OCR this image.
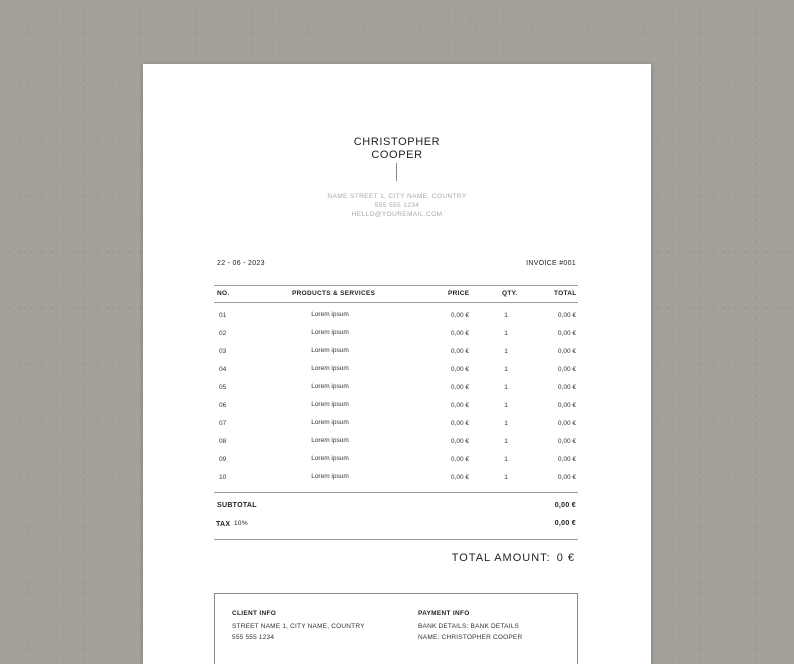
CHRISTOPHER
COOPER
NAME STREET 1, CITY NAME, COUNTRY
555 555 1234
HELLO@YOUREMAIL.COM
22 - 06 - 2023	INVOICE #001
NO.	PRODUCTS & SERVICES	PRICE	QTY.	TOTAL
01	Lorem ipsum	0,00 €	1	0,00 €
02	Lorem ipsum	0,00 €	1	0,00 €
03	Lorem ipsum	0,00 €	1	0,00 €
04	Lorem ipsum	0,00 €	1	0,00 €
05	Lorem ipsum	0,00 €	1	0,00 €
06	Lorem ipsum	0,00 €	1	0,00 €
07	Lorem ipsum	0,00 €	1	0,00 €
08	Lorem ipsum	0,00 €	1	0,00 €
09	Lorem ipsum	0,00 €	1	0,00 €
10	Lorem ipsum	0,00 €	1	0,00 €
SUBTOTAL	0,00 €
TAX 10%	0,00 €
TOTAL AMOUNT: 0 €
CLIENT INFO
STREET NAME 1, CITY NAME, COUNTRY
555 555 1234
PAYMENT INFO
BANK DETAILS: BANK DETAILS
NAME: CHRISTOPHER COOPER
